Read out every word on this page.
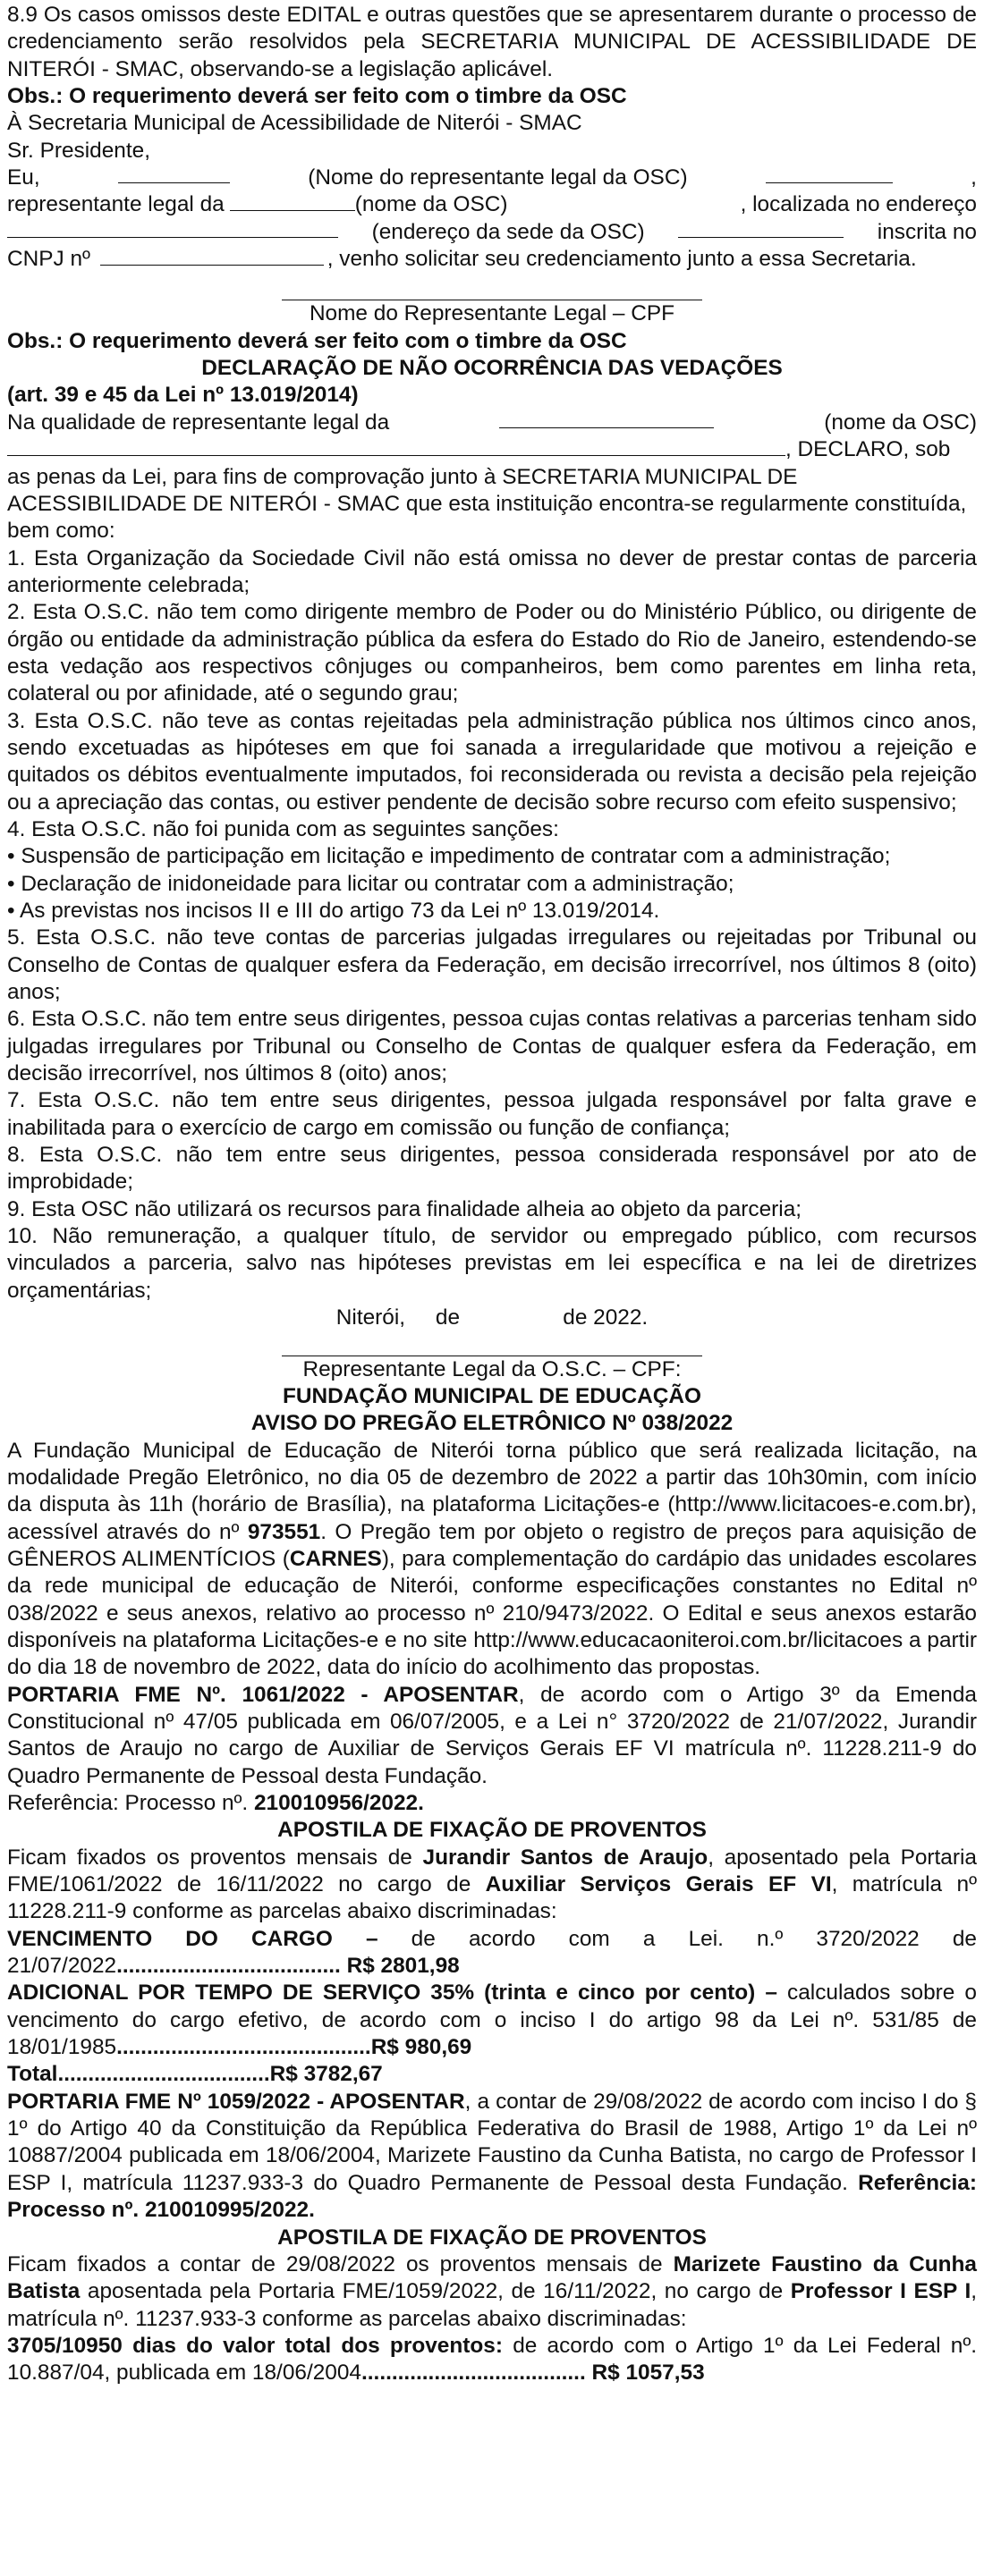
8.9 Os casos omissos deste EDITAL e outras questões que se apresentarem durante o processo de credenciamento serão resolvidos pela SECRETARIA MUNICIPAL DE ACESSIBILIDADE DE NITERÓI - SMAC, observando-se a legislação aplicável.

Obs.: O requerimento deverá ser feito com o timbre da OSC

À Secretaria Municipal de Acessibilidade de Niterói - SMAC

Sr. Presidente,

Eu,	(Nome do representante legal da OSC)	,
representante legal da	(nome da OSC)	, localizada no endereço
(endereço da sede da OSC)	inscrita no
CNPJ nº	, venho solicitar seu credenciamento junto a essa Secretaria.

Nome do Representante Legal – CPF

Obs.: O requerimento deverá ser feito com o timbre da OSC

DECLARAÇÃO DE NÃO OCORRÊNCIA DAS VEDAÇÕES

(art. 39 e 45 da Lei nº 13.019/2014)

Na qualidade de representante legal da	(nome da OSC)
, DECLARO, sob as penas da Lei, para fins de comprovação junto à SECRETARIA MUNICIPAL DE ACESSIBILIDADE DE NITERÓI - SMAC que esta instituição encontra-se regularmente constituída, bem como:

1. Esta Organização da Sociedade Civil não está omissa no dever de prestar contas de parceria anteriormente celebrada;

2. Esta O.S.C. não tem como dirigente membro de Poder ou do Ministério Público, ou dirigente de órgão ou entidade da administração pública da esfera do Estado do Rio de Janeiro, estendendo-se esta vedação aos respectivos cônjuges ou companheiros, bem como parentes em linha reta, colateral ou por afinidade, até o segundo grau;

3. Esta O.S.C. não teve as contas rejeitadas pela administração pública nos últimos cinco anos, sendo excetuadas as hipóteses em que foi sanada a irregularidade que motivou a rejeição e quitados os débitos eventualmente imputados, foi reconsiderada ou revista a decisão pela rejeição ou a apreciação das contas, ou estiver pendente de decisão sobre recurso com efeito suspensivo;

4. Esta O.S.C. não foi punida com as seguintes sanções:

• Suspensão de participação em licitação e impedimento de contratar com a administração;

• Declaração de inidoneidade para licitar ou contratar com a administração;

• As previstas nos incisos II e III do artigo 73 da Lei nº 13.019/2014.

5. Esta O.S.C. não teve contas de parcerias julgadas irregulares ou rejeitadas por Tribunal ou Conselho de Contas de qualquer esfera da Federação, em decisão irrecorrível, nos últimos 8 (oito) anos;

6. Esta O.S.C. não tem entre seus dirigentes, pessoa cujas contas relativas a parcerias tenham sido julgadas irregulares por Tribunal ou Conselho de Contas de qualquer esfera da Federação, em decisão irrecorrível, nos últimos 8 (oito) anos;

7. Esta O.S.C. não tem entre seus dirigentes, pessoa julgada responsável por falta grave e inabilitada para o exercício de cargo em comissão ou função de confiança;

8. Esta O.S.C. não tem entre seus dirigentes, pessoa considerada responsável por ato de improbidade;

9. Esta OSC não utilizará os recursos para finalidade alheia ao objeto da parceria;

10. Não remuneração, a qualquer título, de servidor ou empregado público, com recursos vinculados a parceria, salvo nas hipóteses previstas em lei específica e na lei de diretrizes orçamentárias;

Niterói,     de                 de 2022.

Representante Legal da O.S.C. – CPF:

FUNDAÇÃO MUNICIPAL DE EDUCAÇÃO

AVISO DO PREGÃO ELETRÔNICO Nº 038/2022

A Fundação Municipal de Educação de Niterói torna público que será realizada licitação, na modalidade Pregão Eletrônico, no dia 05 de dezembro de 2022 a partir das 10h30min, com início da disputa às 11h (horário de Brasília), na plataforma Licitações-e (http://www.licitacoes-e.com.br), acessível através do nº 973551. O Pregão tem por objeto o registro de preços para aquisição de GÊNEROS ALIMENTÍCIOS (CARNES), para complementação do cardápio das unidades escolares da rede municipal de educação de Niterói, conforme especificações constantes no Edital nº 038/2022 e seus anexos, relativo ao processo nº 210/9473/2022. O Edital e seus anexos estarão disponíveis na plataforma Licitações-e e no site http://www.educacaoniteroi.com.br/licitacoes a partir do dia 18 de novembro de 2022, data do início do acolhimento das propostas.

PORTARIA FME Nº. 1061/2022 - APOSENTAR, de acordo com o Artigo 3º da Emenda Constitucional nº 47/05 publicada em 06/07/2005, e a Lei n° 3720/2022 de 21/07/2022, Jurandir Santos de Araujo no cargo de Auxiliar de Serviços Gerais EF VI matrícula nº. 11228.211-9 do Quadro Permanente de Pessoal desta Fundação.

Referência: Processo nº. 210010956/2022.

APOSTILA DE FIXAÇÃO DE PROVENTOS

Ficam fixados os proventos mensais de Jurandir Santos de Araujo, aposentado pela Portaria FME/1061/2022 de 16/11/2022 no cargo de Auxiliar Serviços Gerais EF VI, matrícula nº 11228.211-9 conforme as parcelas abaixo discriminadas:

VENCIMENTO DO CARGO – de acordo com a Lei. n.º 3720/2022 de 21/07/2022..................................... R$ 2801,98

ADICIONAL POR TEMPO DE SERVIÇO 35% (trinta e cinco por cento) – calculados sobre o vencimento do cargo efetivo, de acordo com o inciso I do artigo 98 da Lei nº. 531/85 de 18/01/1985..........................................R$ 980,69

Total...................................R$ 3782,67

PORTARIA FME Nº 1059/2022 - APOSENTAR, a contar de 29/08/2022 de acordo com inciso I do § 1º do Artigo 40 da Constituição da República Federativa do Brasil de 1988, Artigo 1º da Lei nº 10887/2004 publicada em 18/06/2004, Marizete Faustino da Cunha Batista, no cargo de Professor I ESP I, matrícula 11237.933-3 do Quadro Permanente de Pessoal desta Fundação. Referência: Processo nº. 210010995/2022.

APOSTILA DE FIXAÇÃO DE PROVENTOS

Ficam fixados a contar de 29/08/2022 os proventos mensais de Marizete Faustino da Cunha Batista aposentada pela Portaria FME/1059/2022, de 16/11/2022, no cargo de Professor I ESP I, matrícula nº. 11237.933-3 conforme as parcelas abaixo discriminadas:

3705/10950 dias do valor total dos proventos: de acordo com o Artigo 1º da Lei Federal nº. 10.887/04, publicada em 18/06/2004..................................... R$ 1057,53
